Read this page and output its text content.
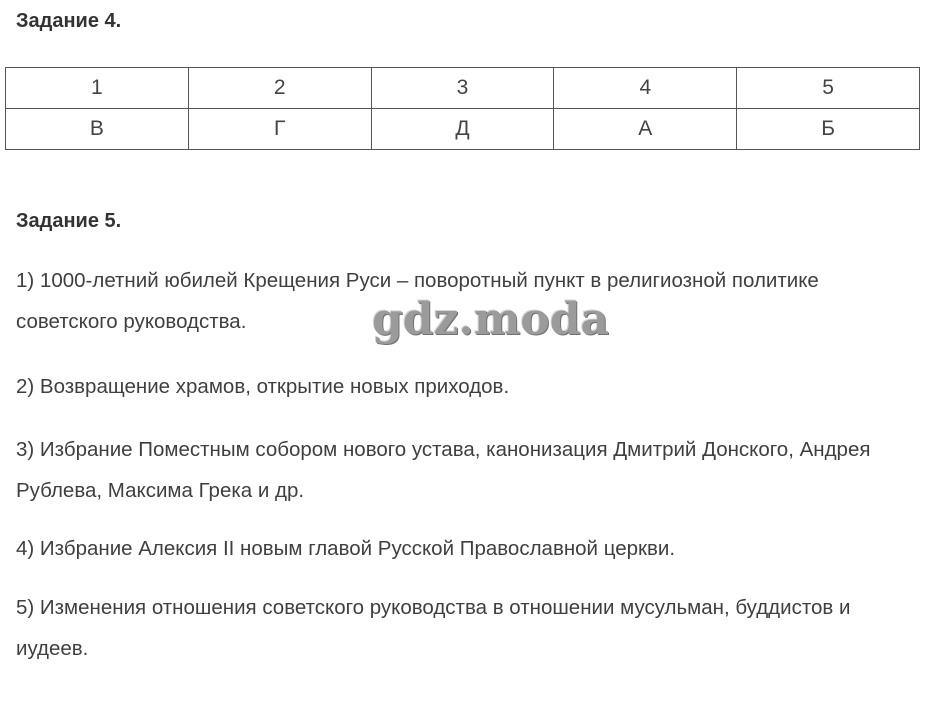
Задание 4.
1	2	3	4	5
В	Г	Д	А	Б
Задание 5.

1) 1000-летний юбилей Крещения Руси – поворотный пункт в религиозной политике советского руководства.

2) Возвращение храмов, открытие новых приходов.

3) Избрание Поместным собором нового устава, канонизация Дмитрий Донского, Андрея Рублева, Максима Грека и др.

4) Избрание Алексия II новым главой Русской Православной церкви.

5) Изменения отношения советского руководства в отношении мусульман, буддистов и иудеев.

gdz.moda
